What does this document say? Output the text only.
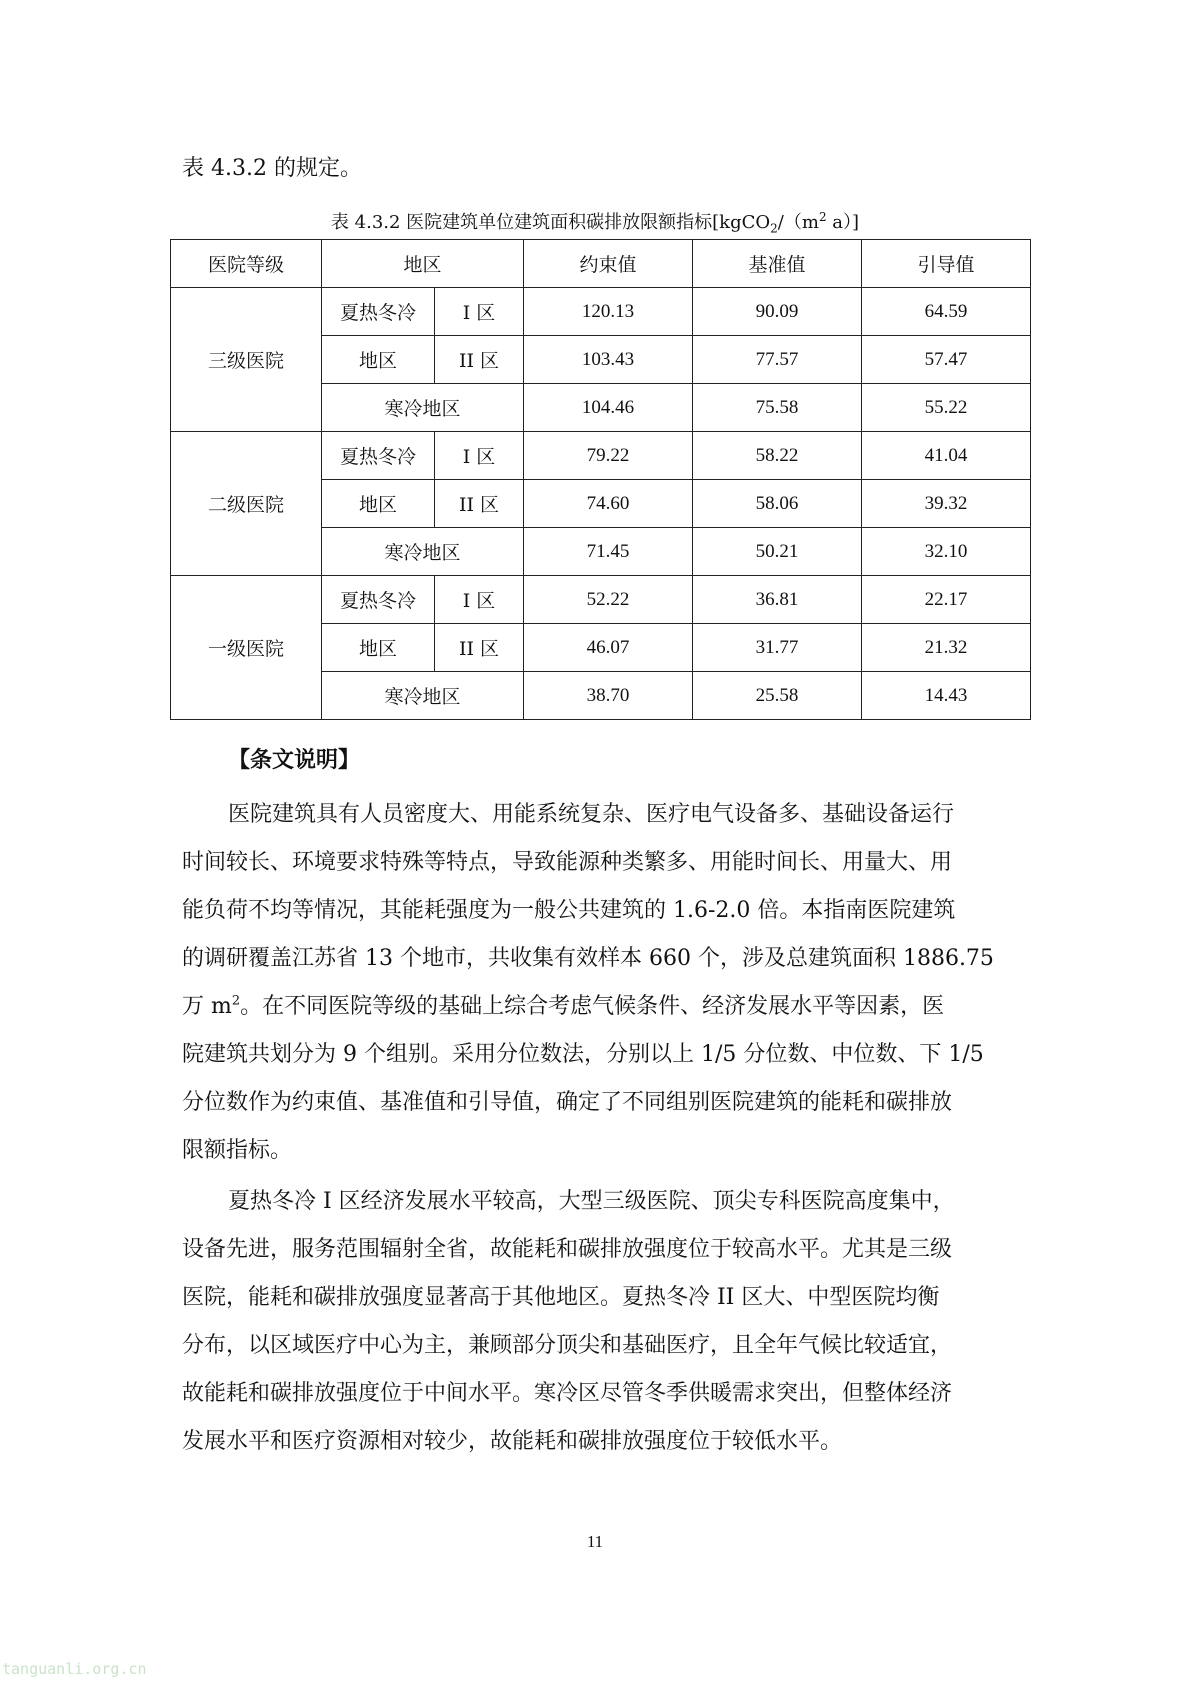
表 4.3.2 的规定。
表 4.3.2 医院建筑单位建筑面积碳排放限额指标[$kgCO_2/(m^2$ a）]
医院等级	地区		约束值	基准值	引导值
三级医院	夏热冬冷	I 区	120.13	90.09	64.59
	地区	II 区	103.43	77.57	57.47
	寒冷地区		104.46	75.58	55.22
二级医院	夏热冬冷	I 区	79.22	58.22	41.04
	地区	II 区	74.60	58.06	39.32
	寒冷地区		71.45	50.21	32.10
一级医院	夏热冬冷	I 区	52.22	36.81	22.17
	地区	II 区	46.07	31.77	21.32
	寒冷地区		38.70	25.58	14.43
【条文说明】
医院建筑具有人员密度大、用能系统复杂、医疗电气设备多、基础设备运行
时间较长、环境要求特殊等特点，导致能源种类繁多、用能时间长、用量大、用
能负荷不均等情况，其能耗强度为一般公共建筑的 1.6-2.0 倍。本指南医院建筑
的调研覆盖江苏省 13 个地市，共收集有效样本 660 个，涉及总建筑面积 1886.75
万 $m^2$。在不同医院等级的基础上综合考虑气候条件、经济发展水平等因素，医
院建筑共划分为 9 个组别。采用分位数法，分别以上 1/5 分位数、中位数、下 1/5
分位数作为约束值、基准值和引导值，确定了不同组别医院建筑的能耗和碳排放
限额指标。
夏热冬冷 I 区经济发展水平较高，大型三级医院、顶尖专科医院高度集中，
设备先进，服务范围辐射全省，故能耗和碳排放强度位于较高水平。尤其是三级
医院，能耗和碳排放强度显著高于其他地区。夏热冬冷 II 区大、中型医院均衡
分布，以区域医疗中心为主，兼顾部分顶尖和基础医疗，且全年气候比较适宜，
故能耗和碳排放强度位于中间水平。寒冷区尽管冬季供暖需求突出，但整体经济
发展水平和医疗资源相对较少，故能耗和碳排放强度位于较低水平。
11
tanguanli.org.cn
